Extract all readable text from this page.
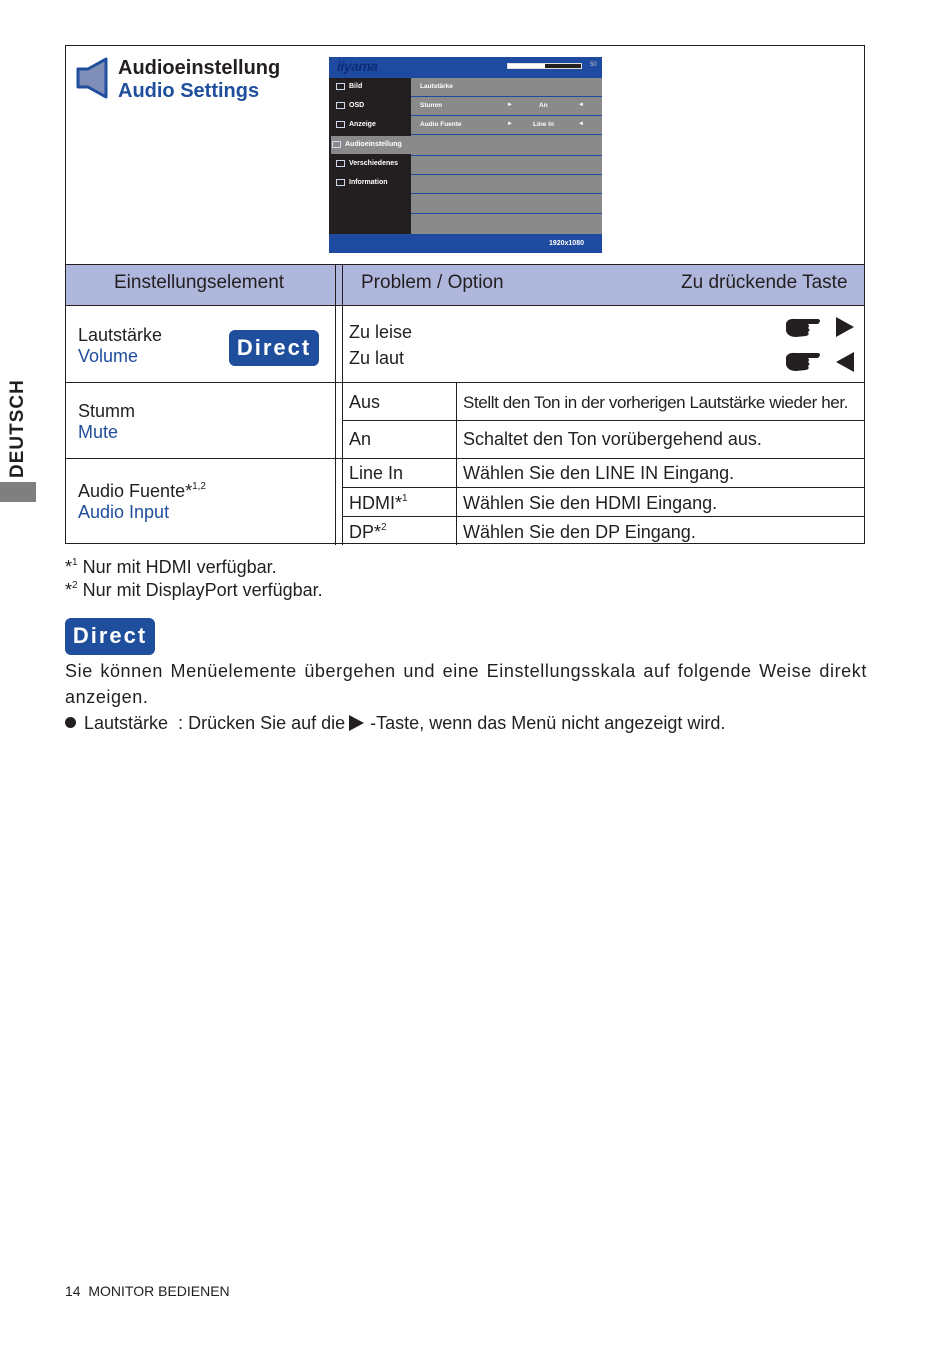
DEUTSCH
Audioeinstellung
Audio Settings
iiyama
Bild
OSD
Anzeige
Audioeinstellung
Verschiedenes
Information
Lautstärke
50
Stumm	►	An	◄
Audio Fuente	►	Line In	◄
1920x1080
Einstellungselement	Problem / Option	Zu drückende Taste
Lautstärke
Volume	Direct
Zu leise
Zu laut
Stumm
Mute
Aus	Stellt den Ton in der vorherigen Lautstärke wieder her.
An	Schaltet den Ton vorübergehend aus.
Audio Fuente*$^{1,2}$
Audio Input
Line In	Wählen Sie den LINE IN Eingang.
HDMI*$^1$	Wählen Sie den HDMI Eingang.
DP*$^2$	Wählen Sie den DP Eingang.
*$^1$ Nur mit HDMI verfügbar.
*$^2$ Nur mit DisplayPort verfügbar.
Direct
Sie können Menüelemente übergehen und eine Einstellungsskala auf folgende Weise direkt anzeigen.
Lautstärke : Drücken Sie auf die -Taste, wenn das Menü nicht angezeigt wird.
14 MONITOR BEDIENEN
